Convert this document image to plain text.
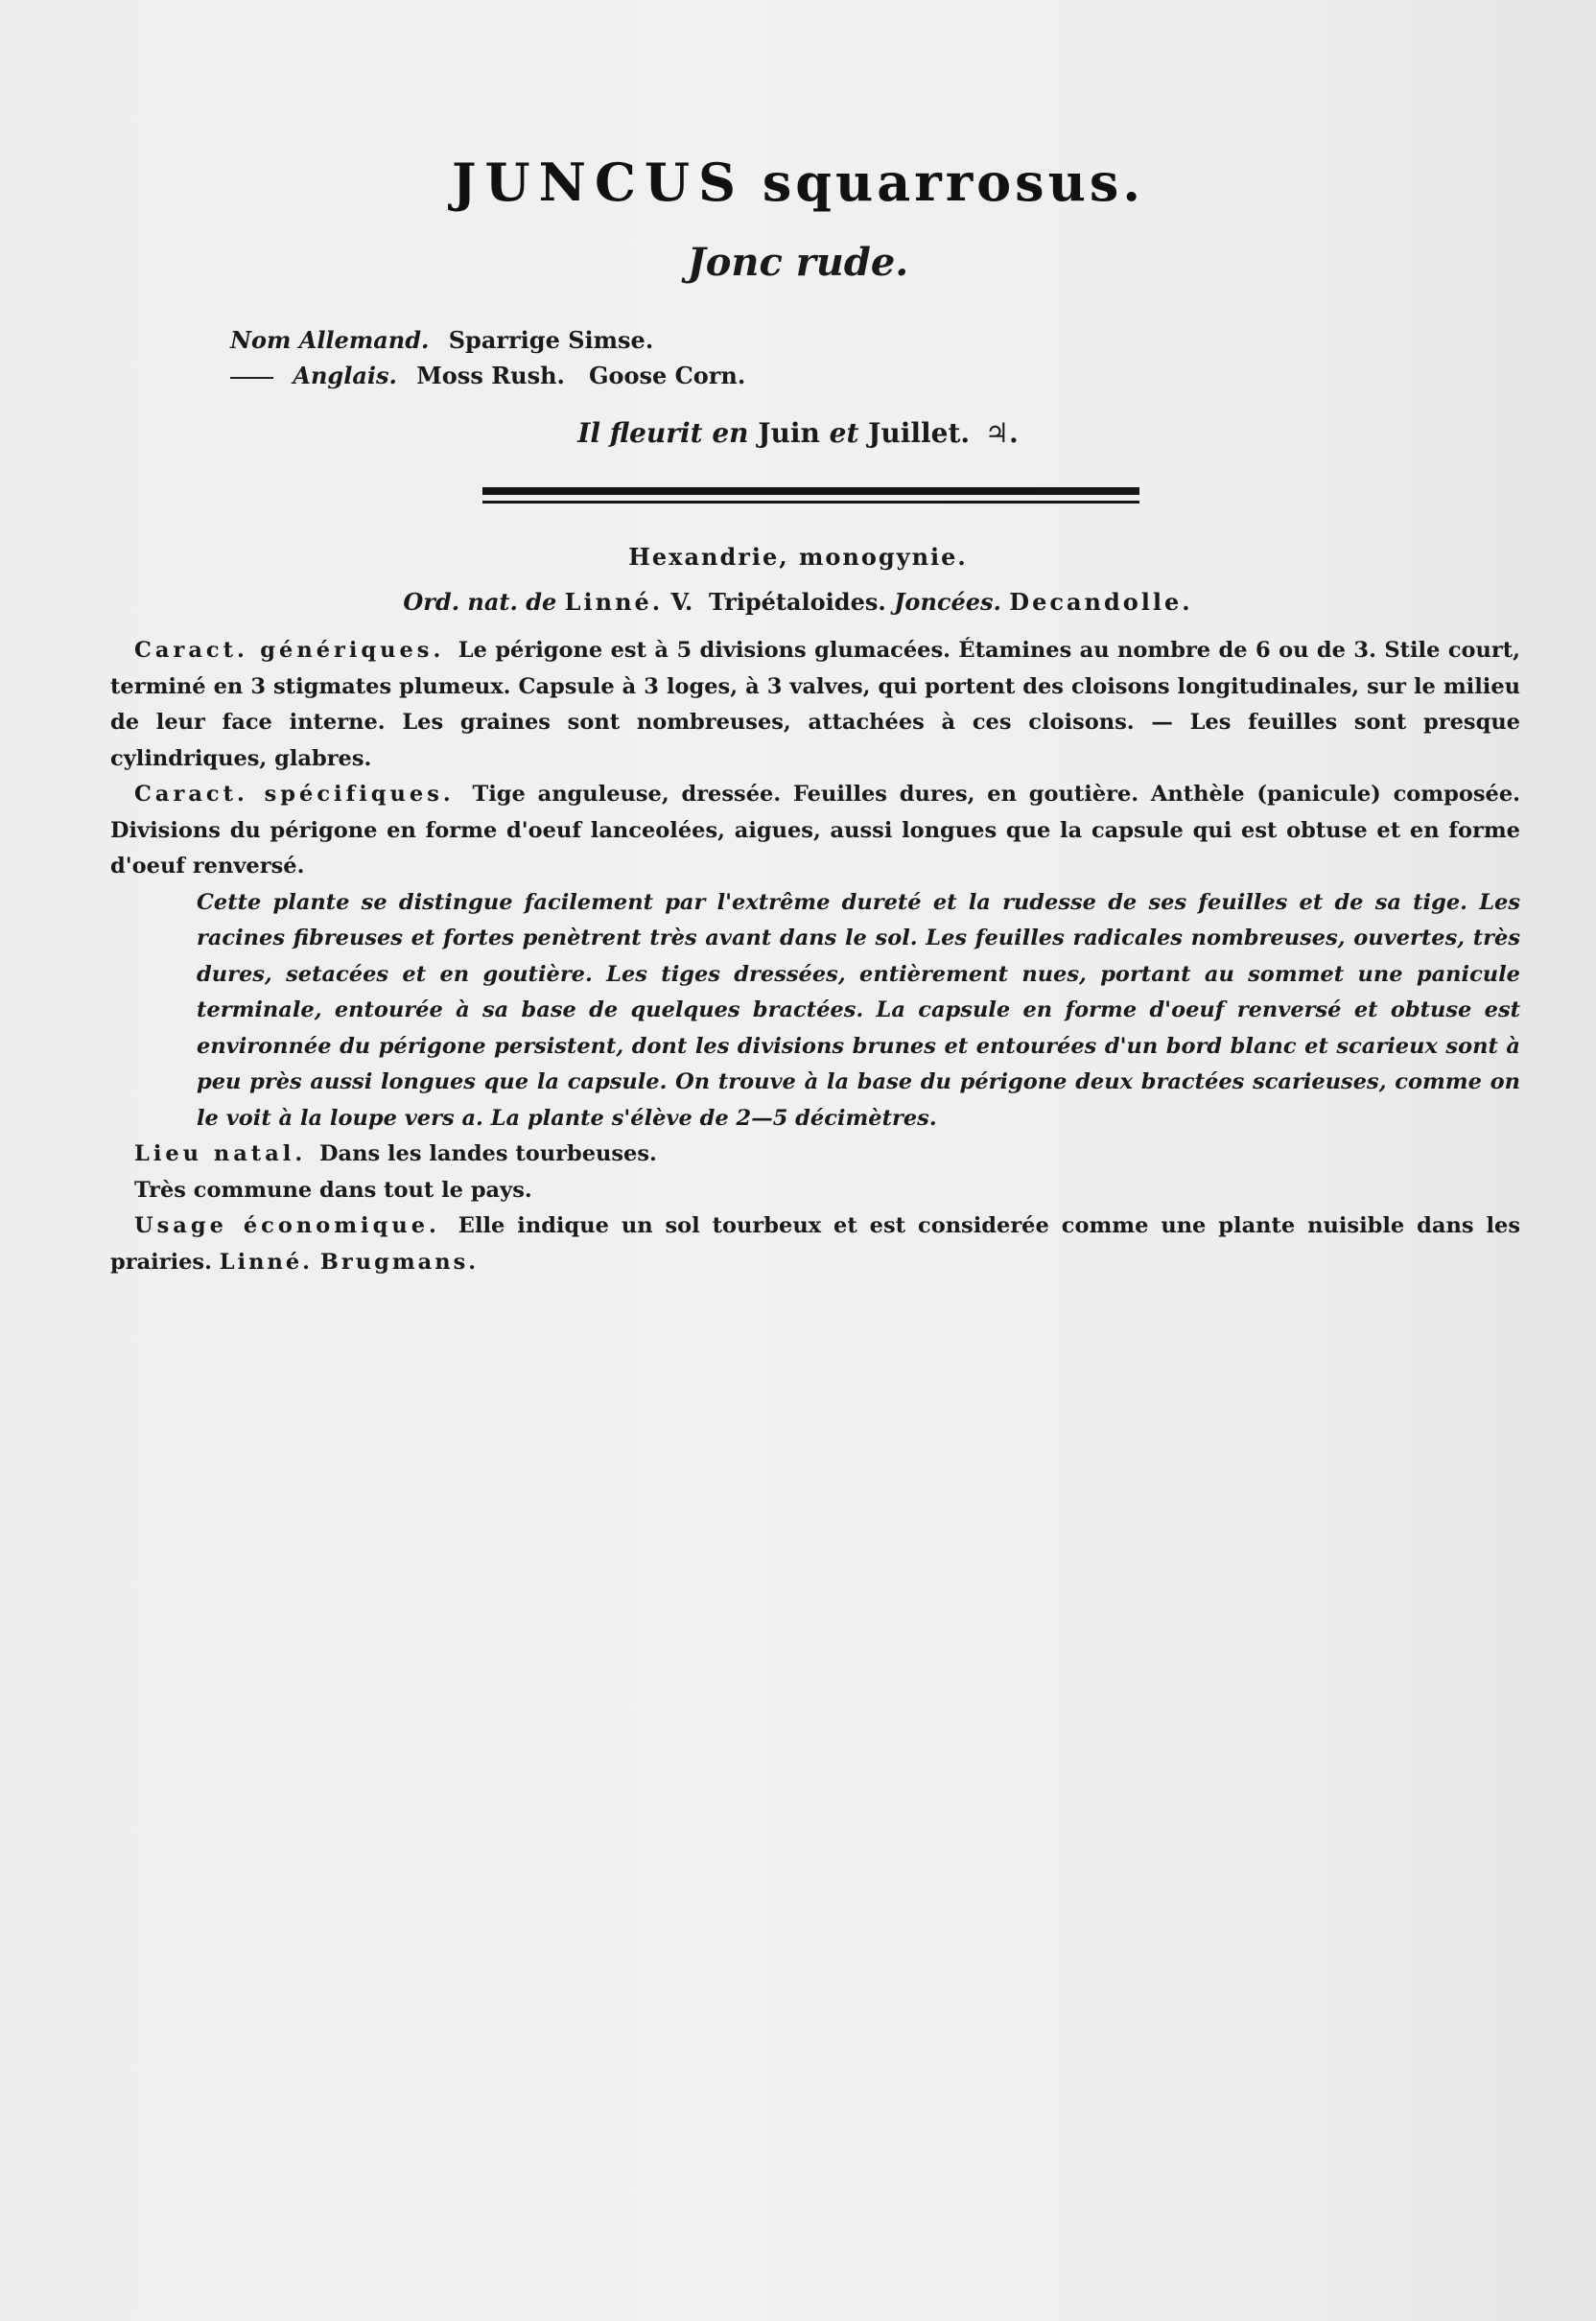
JUNCUS squarrosus.
Jonc rude.
Nom Allemand. Sparrige Simse.
Anglais. Moss Rush.   Goose Corn.
Il fleurit en Juin et Juillet. ♃.
Hexandrie, monogynie.
Ord. nat. de Linné. V.  Tripétaloides. Joncées. Decandolle.

Caract. génériques. Le périgone est à 5 divisions glumacées. Étamines au nombre de 6 ou de 3. Stile court, terminé en 3 stigmates plumeux. Capsule à 3 loges, à 3 valves, qui portent des cloisons longitudinales, sur le milieu de leur face interne. Les graines sont nombreuses, attachées à ces cloisons. — Les feuilles sont presque cylindriques, glabres.

Caract. spécifiques. Tige anguleuse, dressée. Feuilles dures, en goutière. Anthèle (panicule) composée. Divisions du périgone en forme d'oeuf lanceolées, aigues, aussi longues que la capsule qui est obtuse et en forme d'oeuf renversé.

Cette plante se distingue facilement par l'extrême dureté et la rudesse de ses feuilles et de sa tige. Les racines fibreuses et fortes penètrent très avant dans le sol. Les feuilles radicales nombreuses, ouvertes, très dures, setacées et en goutière. Les tiges dressées, entièrement nues, portant au sommet une panicule terminale, entourée à sa base de quelques bractées. La capsule en forme d'oeuf renversé et obtuse est environnée du périgone persistent, dont les divisions brunes et entourées d'un bord blanc et scarieux sont à peu près aussi longues que la capsule. On trouve à la base du périgone deux bractées scarieuses, comme on le voit à la loupe vers a. La plante s'élève de 2—5 décimètres.

Lieu natal. Dans les landes tourbeuses.

Très commune dans tout le pays.

Usage économique. Elle indique un sol tourbeux et est considerée comme une plante nuisible dans les prairies. Linné. Brugmans.
